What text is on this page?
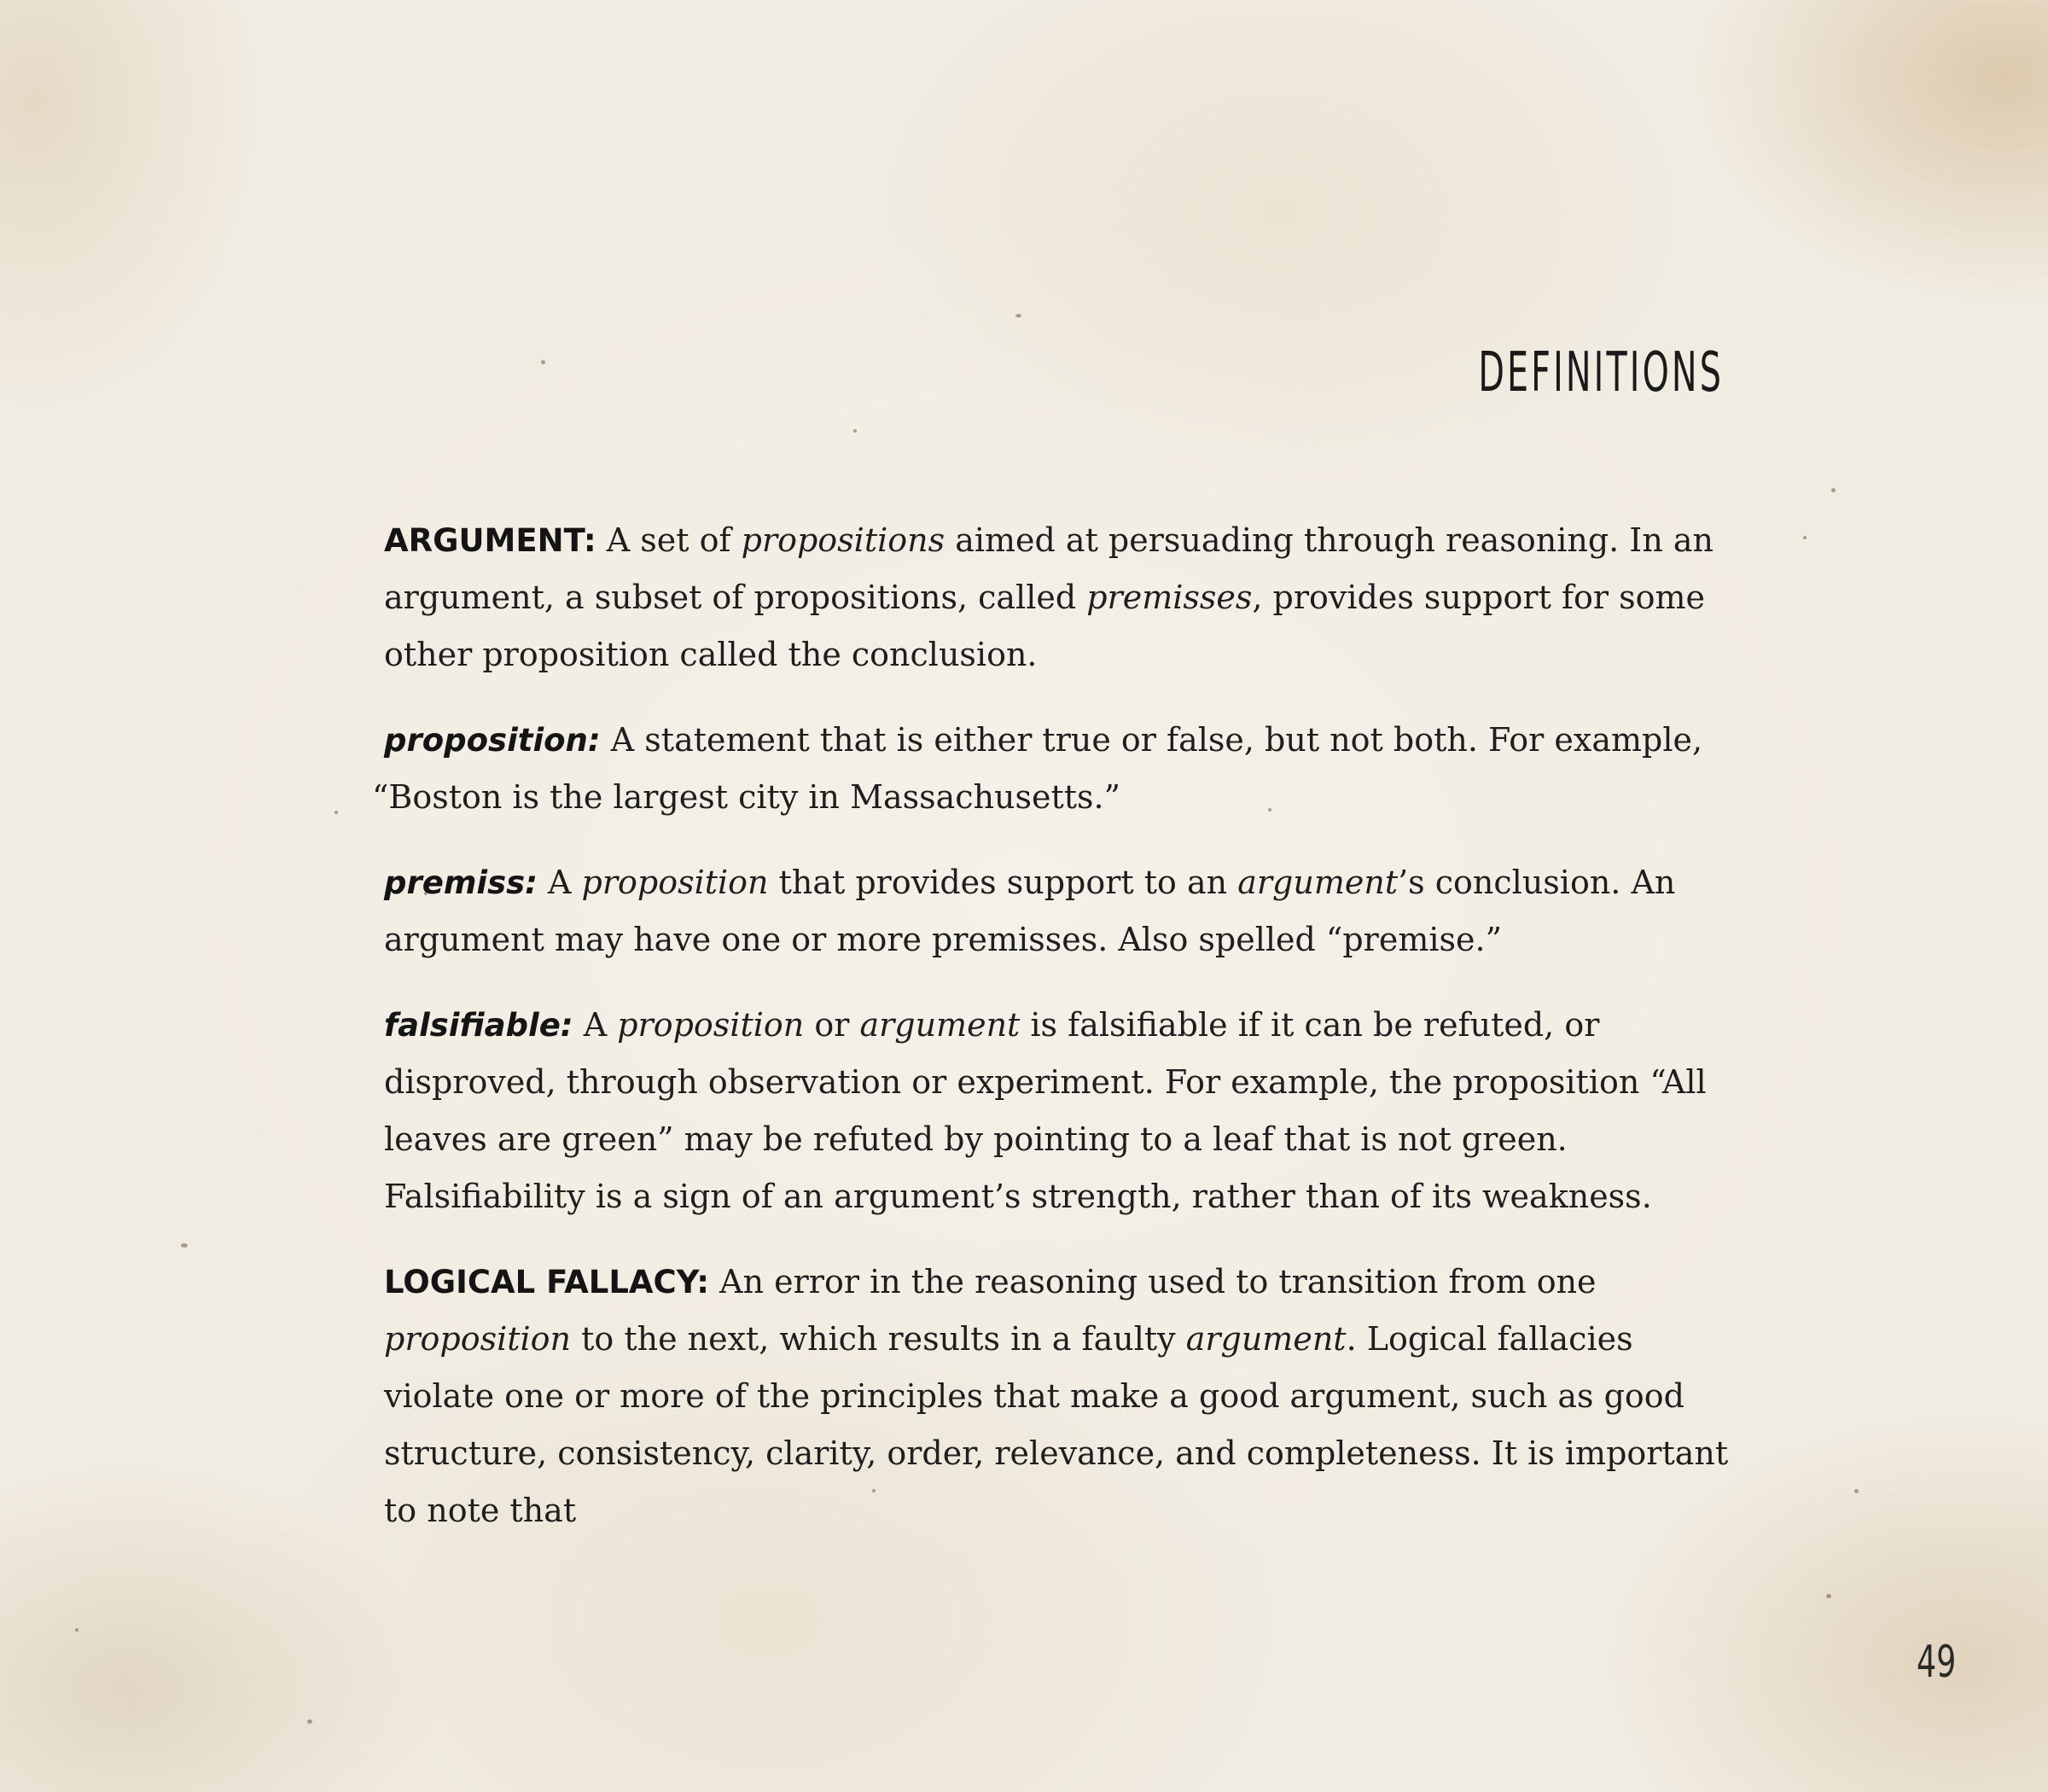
DEFINITIONS

ARGUMENT: A set of propositions aimed at persuading through reasoning. In an argument, a subset of propositions, called premisses, provides support for some other proposition called the conclusion.

proposition: A statement that is either true or false, but not both. For example, “Boston is the largest city in Massachusetts.”

premiss: A proposition that provides support to an argument’s conclusion. An argument may have one or more premisses. Also spelled “premise.”

falsifiable: A proposition or argument is falsifiable if it can be refuted, or disproved, through observation or experiment. For example, the proposition “All leaves are green” may be refuted by pointing to a leaf that is not green. Falsifiability is a sign of an argument’s strength, rather than of its weakness.

LOGICAL FALLACY: An error in the reasoning used to transition from one proposition to the next, which results in a faulty argument. Logical fallacies violate one or more of the principles that make a good argument, such as good structure, consistency, clarity, order, relevance, and completeness. It is important to note that

49
